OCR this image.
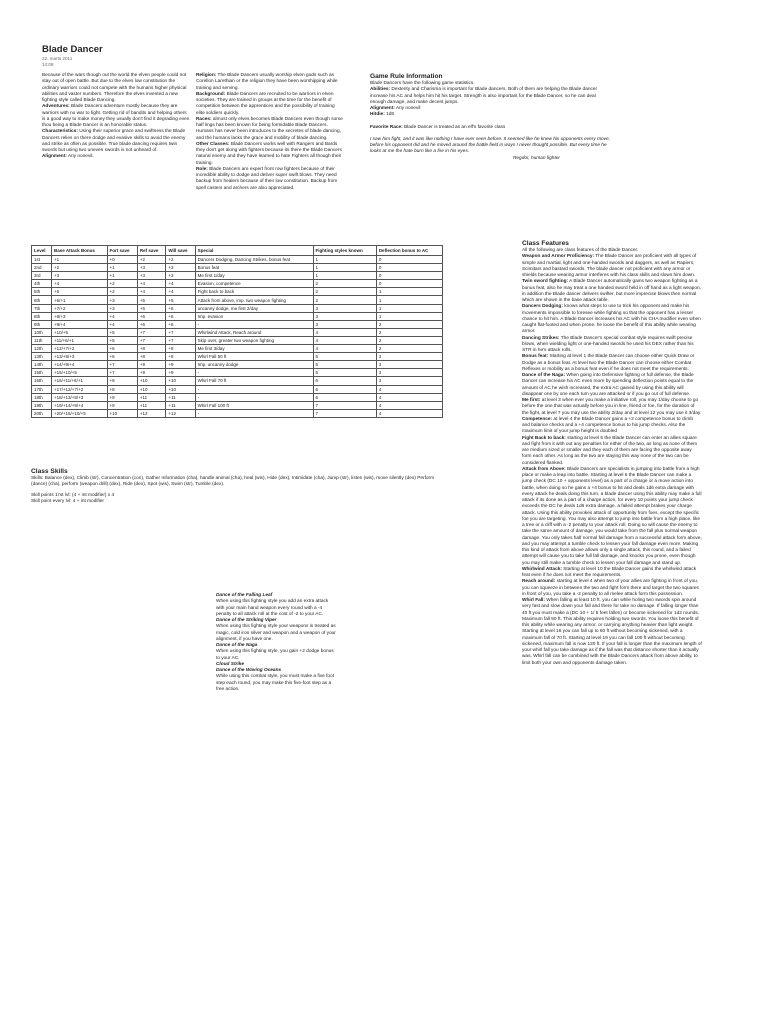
Blade Dancer
22. marts 2011
14:08

Because of the wars though out the world the elven people could not stay out of open battle. But due to the elves low constitution the ordinary warriors could not compete with the humans higher physical abilities and vaster numbers. Therefore the elves invented a new fighting style called Blade Dancing.

Adventures: Blade Dancers adventure mostly because they are warriors with no war to fight. Getting rid of bandits and helping others is a good way to make money they usually don't find it degrading even thou being a Blade Dancer is an honorable status.

Characteristics: Using their superior grace and swiftness the Blade Dancers relies on there dodge and evasive skills to avoid the enemy and strike as often as possible. True blade dancing requires twin swords but using two uneven swords is not unheard of.

Alignment: Any nonevil.

Religion: The Blade Dancers usually worship elven gods such as Corellon Larethian or the religion they have been worshipping while training and serving.

Background: Blade Dancers are recruited to be warriors in elven societies. They are trained in groups at the time for the benefit of competition between the apprentices and the possibility of training elite soldiers quickly.

Races: almost only elves becomes Blade Dancers even though some half lings has been known for being formidable Blade Dancers. Humans has never been introduces to the secretes of blade dancing, and the humans lacks the grace and mobility of blade dancing.

Other Classes: Blade Dancers works well with Rangers and Bards they don't get along with fighters because its there the Blade Dancers natural enemy and they have learned to hate Fighters all though their training.

Role: Blade Dancers are expert front row fighters because of their incredible ability to dodge and deliver super swift blows. They need backup from healers because of their low constitution. Backup from spell casters and archers are also appreciated.

Game Rule Information

Blade Dancers have the following game statistics.

Abilities: Dexterity and Charisma is important for Blade dancers. Both of them are helping the Blade dancer increase his AC and helps him hit his target. Strength is also important for the Blade Dancer, so he can deal enough damage, and make decent jumps.

Alignment: Any nonevil

Hitdie: 1d8

Favorite Race: Blade Dancer is treated as an elf's favorite class

I saw him fight, and it was like nothing I have ever seen before. It seemed like he knew his opponents every move, before his opponent did and he moved around the battle field in ways I never thought possible. But every time he looks at me the hate burn like a fire in his eyes.

Regdor, human fighter

Level	Base Attack Bonus	Fort save	Ref save	Will save	Special	Fighting styles known	Deflection bonus to AC
1st	+1	+0	+2	+2	Dancers Dodging, Dancing Strikes, bonus feat	1	0
2nd	+2	+1	+3	+3	Bonus feat	1	0
3rd	+3	+1	+3	+3	Me first 1/day	1	0
4th	+4	+2	+4	+4	Evasion, competence	2	0
5th	+5	+2	+4	+4	Fight back to back	2	1
6th	+6/+1	+3	+5	+5	Attack from above, imp. two weapon fighting	2	1
7th	+7/+2	+3	+5	+6	uncanny dodge, me first 2/day	3	1
8th	+8/+3	+4	+6	+6	Imp. evasion	3	1
9th	+9/+4	+4	+6	+6	-	3	2
10th	+10/+5	+5	+7	+7	Whirlwind Attack, Reach around	4	2
11th	+11/+6/+1	+5	+7	+7	Skip over, greater two weapon fighting	4	2
12th	+12/+7/+2	+6	+8	+8	Me first 3/day	4	2
13th	+13/+8/+3	+6	+8	+8	Whirl Fall 50 ft	5	3
14th	+14/+9/+4	+7	+9	+9	Imp. uncanny dodge	5	3
15th	+15/+10/+5	+7	+9	+9	-	5	3
16th	+16/+11/+6/+1	+8	+10	+10	Whirl Fall 70 ft	6	3
17th	+17/+12/+7/+2	+8	+10	+10	-	6	4
18th	+18/+13/+8/+3	+9	+11	+11	-	6	4
19th	+19/+14/+9/+4	+9	+11	+11	Whirl Fall 100 ft	7	4
20th	+20/+15/+10/+5	+10	+12	+12	-	7	4
Class Skills

Skills: Balance (dex), Climb (str), Concentration (con), Gather Information (cha), handle animal (cha), heal (wis), Hide (dex), Intimidate (cha), Jump (str), listen (wis), move silently (dex) Perform (dance) (cha), perform (weapon drill) (dex), Ride (dex), Spot (wis), Swim (str), Tumble (dex).

Skill points 1\'st lvl: (4 + int modifier) x 4

Skill point every lvl: 4 + int modifier

Dance of the Falling Leaf

When using this fighting style you add an extra attack with your main hand weapon every round with a -4 penalty to all attack roll at the cost of -2 to your AC.

Dance of the Striking Viper

When using this fighting style your weapons is treated as magic, cold iron silver and weapon and a weapon of your alignment, if you have one.

Dance of the Naga

When using this fighting style, you gain +2 dodge bonus to your AC.

Cloud Strike
Dance of the Waving Oceans

While using this combat style, you must make a five foot step each round, you may make this five-foot step as a free action.

Class Features

All the following are class features of the Blade Dancer.

Weapon and Armor Proficiency: The Blade Dancer are proficient with all types of simple and martial, light and one-handed swords and daggers, as well as Rapiers, Scimitars and bastard swords. The blade dancer not proficient with any armor or shields because wearing armor interferes with his class skills and slows him down.

Twin sword fighting: A Blade Dancer automatically gains two weapon fighting as a bonus feat, also he may treat a one handed sword held in off hand as a light weapon, in addition the Blade dancer delivers swifter, but more imprecise blows then normal which are shown in the base attack table.

Dancers Dodging: knows what steps to use to trick his opponent and make his movements impossible to foresee while fighting so that the opponent has a lesser chance to hit him. A Blade Dancer increases his AC with his CHA modifier even when caught flat-footed and when prone. he loose the benefit of this ability while wearing armor.

Dancing Strikes: The Blade Dancer's special combat style requires swift precise blows, when wielding light or one-handed swords he used his DEX rather than his STR in he's attack rolls.

Bonus feat: Starting at level 1 the Blade Dancer can choose either Quick Draw or Dodge as a bonus feat. At level two the Blade Dancer can choose either Combat Reflexes or mobility as a bonus feat even if he does not meet the requirements.

Dance of the Naga: When going into Defensive fighting or full defense, the Blade Dancer can increase his AC even more by spending deflection points equal to the amount of AC he wish increased, the extra AC gained by using this ability will disappear one by one each turn you are attacked or if you go out of full defense.

Me first: at level 3 when ever you make a initiative roll, you may 1/day choose to go before the one that was actually before you in line, friend or foe, for the duration of the fight, at level 7 you may use the ability 2/day and at level 12 you may use it 3/day.

Competence: at level 4 the Blade Dancer gains a +2 competence bonus to climb and balance checks and a +4 competence bonus to his jump checks. Also the maximum limit of your jump height is doubled

Fight Back to back: starting at level 5 the Blade Dancer can enter an allies square and fight from it with out any penalties for either of the two, as long as none of them are medium sized or smaller and they each of them are facing the opposite away form each other. As long as the two are staying this way none of the two can be considered flanked.

Attack from Above: Blade Dancers are specialists in jumping into battle from a high place or make a leap into battle. Starting at level 6 the Blade Dancer can make a jump check (DC 10 + opponents level) as a part of a charge or a move action into battle, when doing so he gains a +4 bonus to hit and deals 1d6 extra damage with every attack he deals doing this turn, a blade dancer using this ability may make a full attack if its done as a part of a charge action, for every 10 points your jump check exceeds the DC he deals 1d6 extra damage. a failed attempt brakes your charge attack. Using this ability provokes attack of opportunity from foes, except the specific foe you are targeting. You may also attempt to jump into battle from a high place, like a tree or a cliff with a -2 penalty to your attack roll. Doing so will cause the enemy to take the same amount of damage, you would take from the fall plus normal weapon damage. You only takes half normal fall damage from a successful attack form above, and you may attempt a tumble check to lessen your fall damage even more. Making this kind of attack from above allows only a single attack, this round, and a failed attempt will cause you to take full fall damage, and knocks you prone, even though you may still make a tumble check to lessen your fall damage and stand up.

Whirlwind Attack: Starting at level 10 the Blade Dancer gains the whirlwind attack feat even if he does not meet the requirements.

Reach around: starting at level 4 when two of your allies are fighting in front of you, you can squeeze in between the two and fight form there and target the two squares in front of you, you take a -2 penalty to all melee attack form this possession.

Whirl Fall: When falling at least 10 ft. you can while holing two swords spin around very fast and slow down your fall and there for take no damage. If falling longer than 40 ft you must make a (DC 10 + 1/ 5 feet fallen) or become sickened for 1d2 rounds, Maximum fall 50 ft. This ability requires holding two swords. You loose this benefit of this ability while wearing any armor, or carrying anything heavier than light weight. Starting at level 16 you can fall up to 60 ft without becoming sickened, with a maximum fall of 70 ft. Starting at level 19 you can fall 100 ft without becoming sickened, maximum fall is now 120 ft. If your fall is longer than the maximum length of your whirl fall you take damage as if the fall was that distance shorter than it actually was. Whirl fall can be combined with the Blade Dancers attack from above ability, to limit both your own and opponents damage taken.
